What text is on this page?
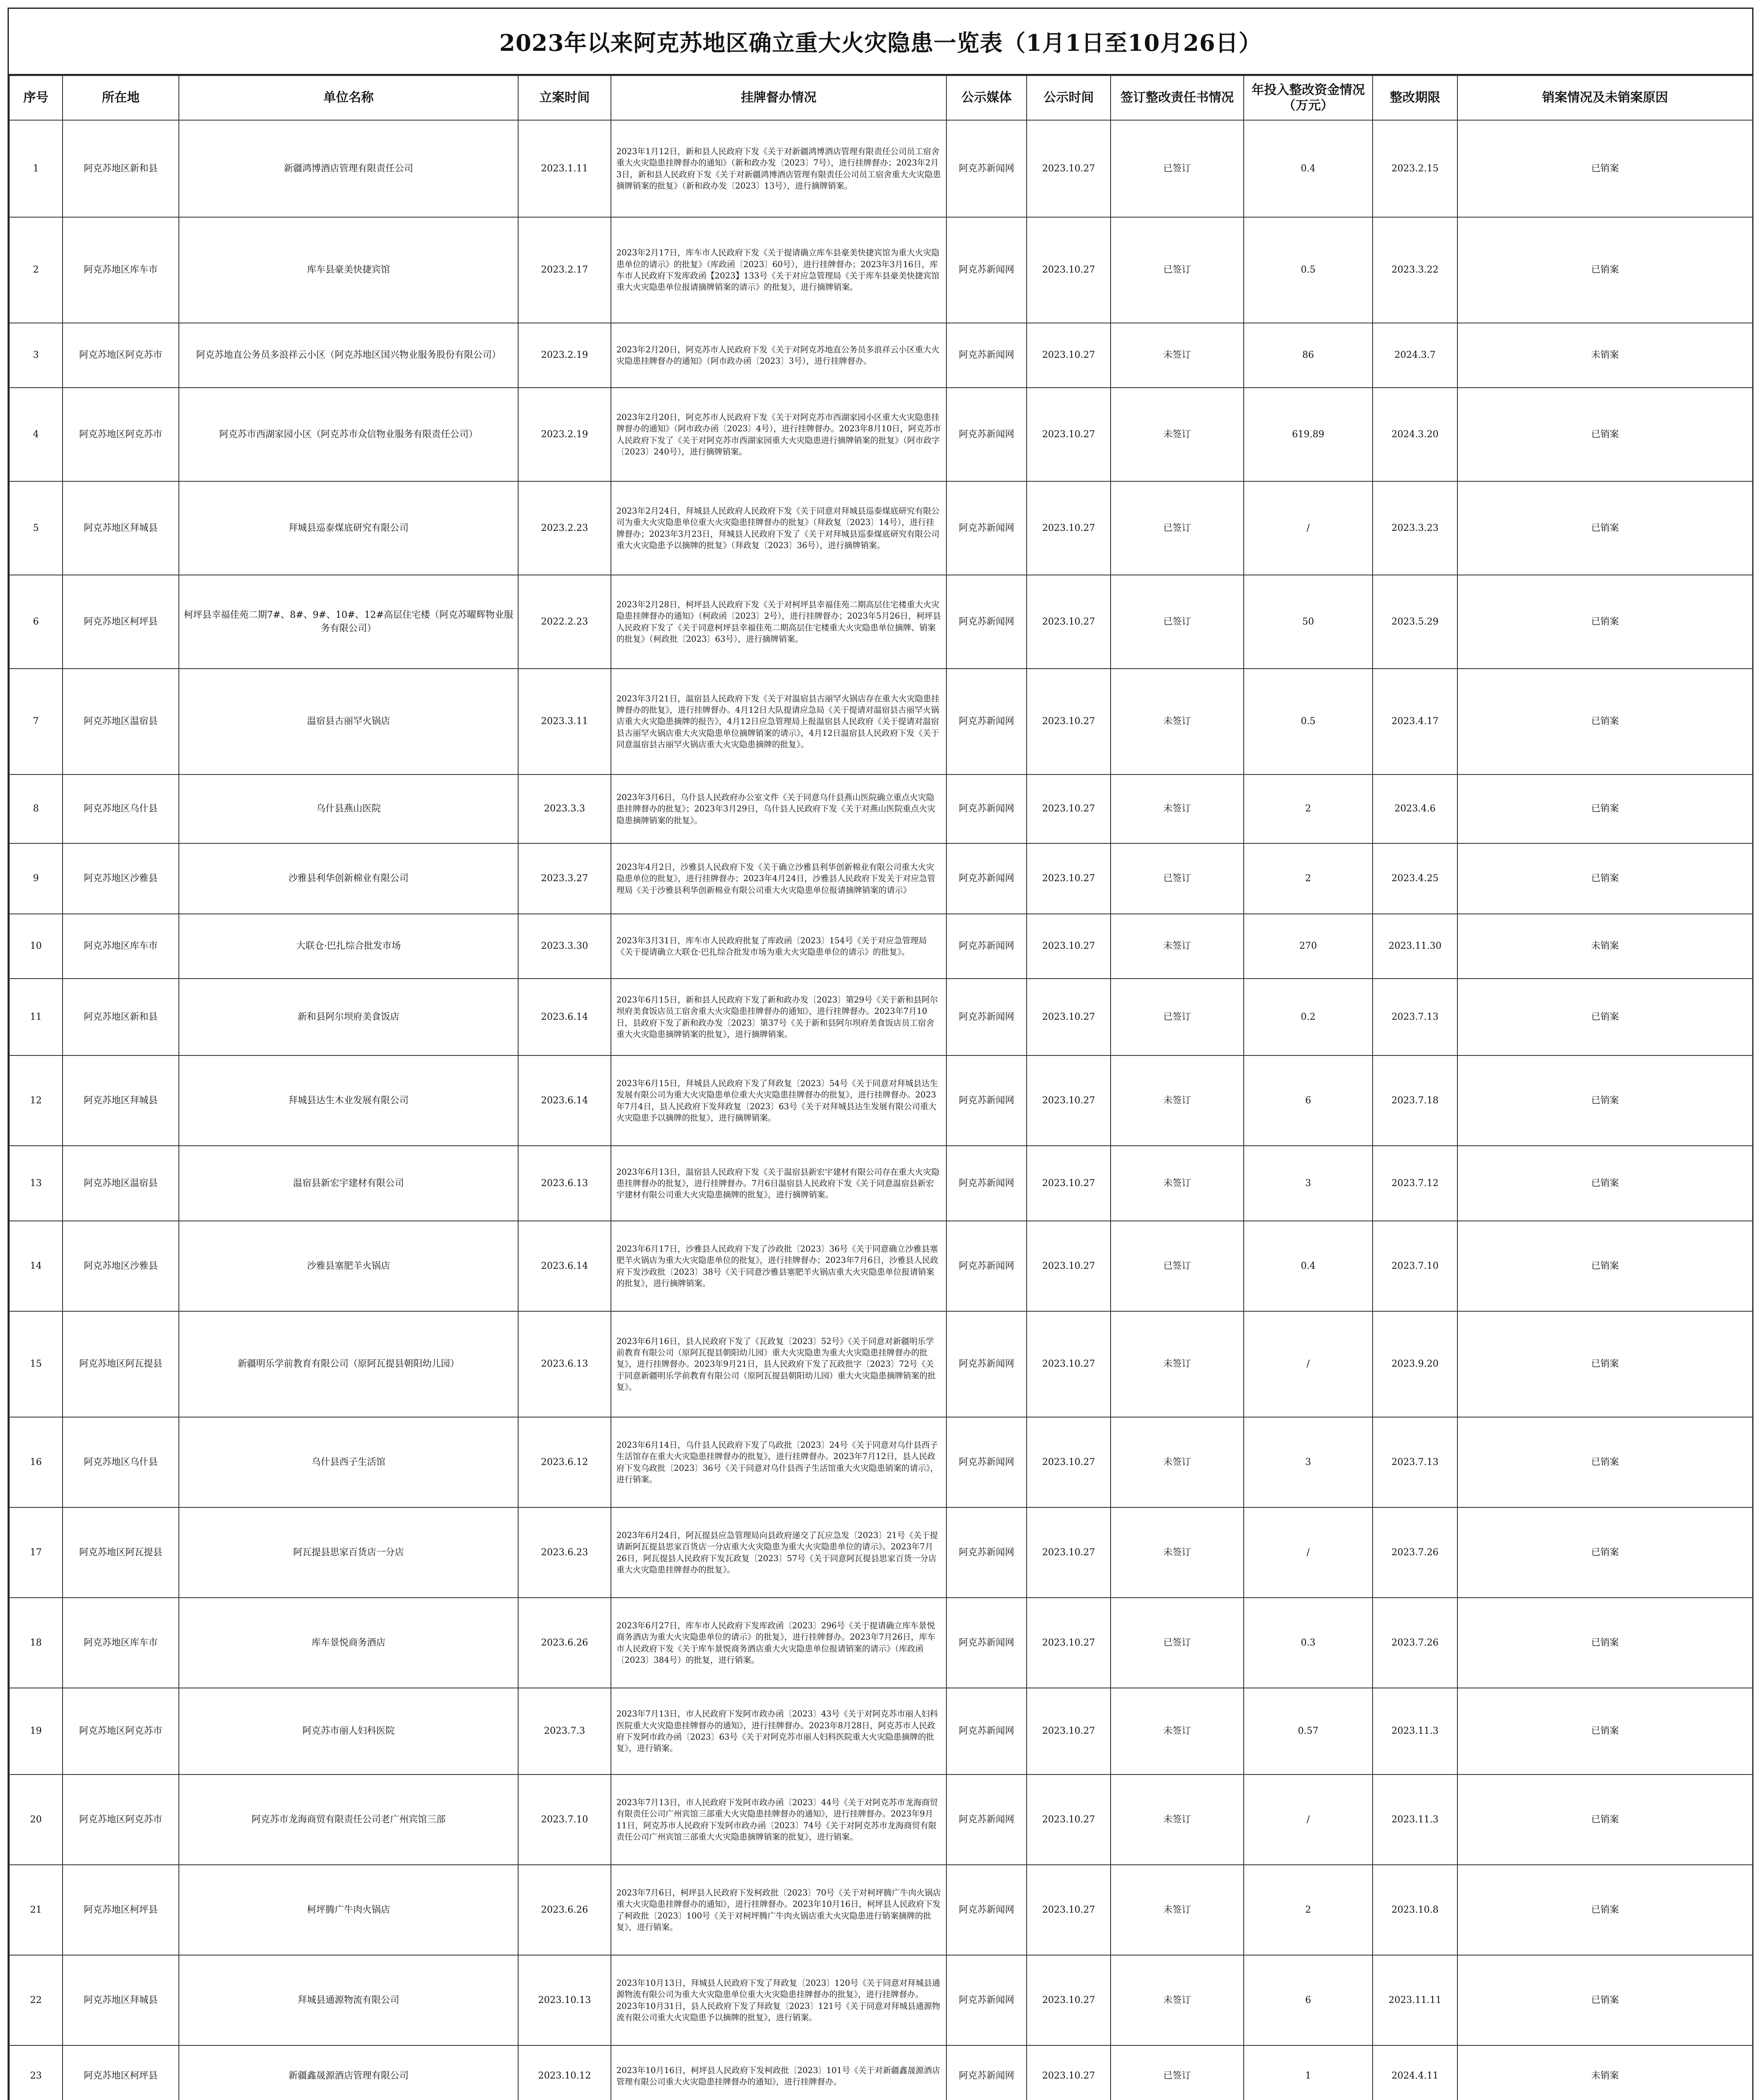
2023年以来阿克苏地区确立重大火灾隐患一览表（1月1日至10月26日）
序号	所在地	单位名称	立案时间	挂牌督办情况	公示媒体	公示时间	签订整改责任书情况	年投入整改资金情况（万元）	整改期限	销案情况及未销案原因
1	阿克苏地区新和县	新疆鸿博酒店管理有限责任公司	2023.1.11	2023年1月12日，新和县人民政府下发《关于对新疆鸿博酒店管理有限责任公司员工宿舍重大火灾隐患挂牌督办的通知》（新和政办发〔2023〕7号），进行挂牌督办；2023年2月3日，新和县人民政府下发《关于对新疆鸿博酒店管理有限责任公司员工宿舍重大火灾隐患摘牌销案的批复》（新和政办发〔2023〕13号），进行摘牌销案。	阿克苏新闻网	2023.10.27	已签订	0.4	2023.2.15	已销案
2	阿克苏地区库车市	库车县豪美快捷宾馆	2023.2.17	2023年2月17日，库车市人民政府下发《关于提请确立库车县豪美快捷宾馆为重大火灾隐患单位的请示》的批复》（库政函〔2023〕60号），进行挂牌督办；2023年3月16日，库车市人民政府下发库政函【2023】133号《关于对应急管理局《关于库车县豪美快捷宾馆重大火灾隐患单位报请摘牌销案的请示》的批复》，进行摘牌销案。	阿克苏新闻网	2023.10.27	已签订	0.5	2023.3.22	已销案
3	阿克苏地区阿克苏市	阿克苏地直公务员多浪祥云小区（阿克苏地区国兴物业服务股份有限公司）	2023.2.19	2023年2月20日，阿克苏市人民政府下发《关于对阿克苏地直公务员多浪祥云小区重大火灾隐患挂牌督办的通知》（阿市政办函〔2023〕3号），进行挂牌督办。	阿克苏新闻网	2023.10.27	未签订	86	2024.3.7	未销案
4	阿克苏地区阿克苏市	阿克苏市西湖家园小区（阿克苏市众信物业服务有限责任公司）	2023.2.19	2023年2月20日，阿克苏市人民政府下发《关于对阿克苏市西湖家园小区重大火灾隐患挂牌督办的通知》（阿市政办函〔2023〕4号），进行挂牌督办。2023年8月10日，阿克苏市人民政府下发了《关于对阿克苏市西湖家园重大火灾隐患进行摘牌销案的批复》（阿市政字〔2023〕240号），进行摘牌销案。	阿克苏新闻网	2023.10.27	未签订	619.89	2024.3.20	已销案
5	阿克苏地区拜城县	拜城县巡泰煤底研究有限公司	2023.2.23	2023年2月24日，拜城县人民政府人民政府下发《关于同意对拜城县巡泰煤底研究有限公司为重大火灾隐患单位重大火灾隐患挂牌督办的批复》（拜政复〔2023〕14号），进行挂牌督办；2023年3月23日，拜城县人民政府下发了《关于对拜城县巡泰煤底研究有限公司重大火灾隐患予以摘牌的批复》（拜政复〔2023〕36号），进行摘牌销案。	阿克苏新闻网	2023.10.27	已签订	/	2023.3.23	已销案
6	阿克苏地区柯坪县	柯坪县幸福佳苑二期7#、8#、9#、10#、12#高层住宅楼（阿克苏曜辉物业服务有限公司）	2022.2.23	2023年2月28日，柯坪县人民政府下发《关于对柯坪县幸福佳苑二期高层住宅楼重大火灾隐患挂牌督办的通知》（柯政函〔2023〕2号），进行挂牌督办；2023年5月26日，柯坪县人民政府下发了《关于同意柯坪县幸福佳苑二期高层住宅楼重大火灾隐患单位摘牌、销案的批复》（柯政批〔2023〕63号），进行摘牌销案。	阿克苏新闻网	2023.10.27	已签订	50	2023.5.29	已销案
7	阿克苏地区温宿县	温宿县古丽罕火锅店	2023.3.11	2023年3月21日，温宿县人民政府下发《关于对温宿县古丽罕火锅店存在重大火灾隐患挂牌督办的批复》，进行挂牌督办。4月12日大队提请应急局《关于提请对温宿县古丽罕火锅店重大火灾隐患摘牌的报告》，4月12日应急管理局上报温宿县人民政府《关于提请对温宿县古丽罕火锅店重大火灾隐患单位摘牌销案的请示》，4月12日温宿县人民政府下发《关于同意温宿县古丽罕火锅店重大火灾隐患摘牌的批复》。	阿克苏新闻网	2023.10.27	未签订	0.5	2023.4.17	已销案
8	阿克苏地区乌什县	乌什县燕山医院	2023.3.3	2023年3月6日，乌什县人民政府办公室文件《关于同意乌什县燕山医院确立重点火灾隐患挂牌督办的批复》；2023年3月29日，乌什县人民政府下发《关于对燕山医院重点火灾隐患摘牌销案的批复》。	阿克苏新闻网	2023.10.27	未签订	2	2023.4.6	已销案
9	阿克苏地区沙雅县	沙雅县利华创新棉业有限公司	2023.3.27	2023年4月2日，沙雅县人民政府下发《关于确立沙雅县利华创新棉业有限公司重大火灾隐患单位的批复》，进行挂牌督办；2023年4月24日，沙雅县人民政府下发关于对应急管理局《关于沙雅县利华创新棉业有限公司重大火灾隐患单位报请摘牌销案的请示》	阿克苏新闻网	2023.10.27	已签订	2	2023.4.25	已销案
10	阿克苏地区库车市	大联仓·巴扎综合批发市场	2023.3.30	2023年3月31日，库车市人民政府批复了库政函〔2023〕154号《关于对应急管理局《关于提请确立大联仓·巴扎综合批发市场为重大火灾隐患单位的请示》的批复》。	阿克苏新闻网	2023.10.27	未签订	270	2023.11.30	未销案
11	阿克苏地区新和县	新和县阿尔坝府美食饭店	2023.6.14	2023年6月15日，新和县人民政府下发了新和政办发〔2023〕第29号《关于新和县阿尔坝府美食饭店员工宿舍重大火灾隐患挂牌督办的通知》，进行挂牌督办。2023年7月10日，县政府下发了新和政办发〔2023〕第37号《关于新和县阿尔坝府美食饭店员工宿舍重大火灾隐患摘牌销案的批复》，进行摘牌销案。	阿克苏新闻网	2023.10.27	已签订	0.2	2023.7.13	已销案
12	阿克苏地区拜城县	拜城县达生木业发展有限公司	2023.6.14	2023年6月15日，拜城县人民政府下发了拜政复〔2023〕54号《关于同意对拜城县达生发展有限公司为重大火灾隐患单位重大火灾隐患挂牌督办的批复》，进行挂牌督办。2023年7月4日，县人民政府下发拜政复〔2023〕63号《关于对拜城县达生发展有限公司重大火灾隐患予以摘牌的批复》，进行摘牌销案。	阿克苏新闻网	2023.10.27	未签订	6	2023.7.18	已销案
13	阿克苏地区温宿县	温宿县新宏宇建材有限公司	2023.6.13	2023年6月13日，温宿县人民政府下发《关于温宿县新宏宇建材有限公司存在重大火灾隐患挂牌督办的批复》，进行挂牌督办。7月6日温宿县人民政府下发《关于同意温宿县新宏宇建材有限公司重大火灾隐患摘牌的批复》，进行摘牌销案。	阿克苏新闻网	2023.10.27	未签订	3	2023.7.12	已销案
14	阿克苏地区沙雅县	沙雅县塞肥羊火锅店	2023.6.14	2023年6月17日，沙雅县人民政府下发了沙政批〔2023〕36号《关于同意确立沙雅县塞肥羊火锅店为重大火灾隐患单位的批复》，进行挂牌督办；2023年7月6日，沙雅县人民政府下发沙政批〔2023〕38号《关于同意沙雅县塞肥羊火锅店重大火灾隐患单位报请销案的批复》，进行摘牌销案。	阿克苏新闻网	2023.10.27	已签订	0.4	2023.7.10	已销案
15	阿克苏地区阿瓦提县	新疆明乐学前教育有限公司（原阿瓦提县朝阳幼儿园）	2023.6.13	2023年6月16日，县人民政府下发了《瓦政复〔2023〕52号》《关于同意对新疆明乐学前教育有限公司（原阿瓦提县朝阳幼儿园）重大火灾隐患为重大火灾隐患挂牌督办的批复》，进行挂牌督办。2023年9月21日，县人民政府下发了瓦政批字〔2023〕72号《关于同意新疆明乐学前教育有限公司（原阿瓦提县朝阳幼儿园）重大火灾隐患摘牌销案的批复》。	阿克苏新闻网	2023.10.27	未签订	/	2023.9.20	已销案
16	阿克苏地区乌什县	乌什县西子生活馆	2023.6.12	2023年6月14日，乌什县人民政府下发了乌政批〔2023〕24号《关于同意对乌什县西子生活馆存在重大火灾隐患挂牌督办的批复》，进行挂牌督办。2023年7月12日，县人民政府下发乌政批〔2023〕36号《关于同意对乌什县西子生活馆重大火灾隐患销案的请示》，进行销案。	阿克苏新闻网	2023.10.27	未签订	3	2023.7.13	已销案
17	阿克苏地区阿瓦提县	阿瓦提县思家百货店一分店	2023.6.23	2023年6月24日，阿瓦提县应急管理局向县政府递交了瓦应急发〔2023〕21号《关于提请新阿瓦提县思家百货店一分店重大火灾隐患为重大火灾隐患单位的请示》。2023年7月26日，阿瓦提县人民政府下发瓦政复〔2023〕57号《关于同意阿瓦提县思家百货一分店重大火灾隐患挂牌督办的批复》。	阿克苏新闻网	2023.10.27	未签订	/	2023.7.26	已销案
18	阿克苏地区库车市	库车景悦商务酒店	2023.6.26	2023年6月27日，库车市人民政府下发库政函〔2023〕296号《关于提请确立库车景悦商务酒店为重大火灾隐患单位的请示》的批复》，进行挂牌督办。2023年7月26日，库车市人民政府下发《关于库车景悦商务酒店重大火灾隐患单位报请销案的请示》（库政函〔2023〕384号）的批复，进行销案。	阿克苏新闻网	2023.10.27	已签订	0.3	2023.7.26	已销案
19	阿克苏地区阿克苏市	阿克苏市丽人妇科医院	2023.7.3	2023年7月13日，市人民政府下发阿市政办函〔2023〕43号《关于对阿克苏市丽人妇科医院重大火灾隐患挂牌督办的通知》，进行挂牌督办。2023年8月28日，阿克苏市人民政府下发阿市政办函〔2023〕63号《关于对阿克苏市丽人妇科医院重大火灾隐患摘牌的批复》，进行销案。	阿克苏新闻网	2023.10.27	未签订	0.57	2023.11.3	已销案
20	阿克苏地区阿克苏市	阿克苏市龙海商贸有限责任公司老广州宾馆三部	2023.7.10	2023年7月13日，市人民政府下发阿市政办函〔2023〕44号《关于对阿克苏市龙海商贸有限责任公司广州宾馆三部重大火灾隐患挂牌督办的通知》，进行挂牌督办。2023年9月11日，阿克苏市人民政府下发阿市政办函〔2023〕74号《关于对阿克苏市龙海商贸有限责任公司广州宾馆三部重大火灾隐患摘牌销案的批复》，进行销案。	阿克苏新闻网	2023.10.27	未签订	/	2023.11.3	已销案
21	阿克苏地区柯坪县	柯坪腾广牛肉火锅店	2023.6.26	2023年7月6日，柯坪县人民政府下发柯政批〔2023〕70号《关于对柯坪腾广牛肉火锅店重大火灾隐患挂牌督办的通知》，进行挂牌督办。2023年10月16日，柯坪县人民政府下发了柯政批〔2023〕100号《关于对柯坪腾广牛肉火锅店重大火灾隐患进行销案摘牌的批复》，进行销案。	阿克苏新闻网	2023.10.27	未签订	2	2023.10.8	已销案
22	阿克苏地区拜城县	拜城县通源物流有限公司	2023.10.13	2023年10月13日，拜城县人民政府下发了拜政复〔2023〕120号《关于同意对拜城县通源物流有限公司为重大火灾隐患单位重大火灾隐患挂牌督办的批复》，进行挂牌督办。2023年10月31日，县人民政府下发了拜政复〔2023〕121号《关于同意对拜城县通源物流有限公司重大火灾隐患予以摘牌的批复》，进行销案。	阿克苏新闻网	2023.10.27	未签订	6	2023.11.11	已销案
23	阿克苏地区柯坪县	新疆鑫晟源酒店管理有限公司	2023.10.12	2023年10月16日，柯坪县人民政府下发柯政批〔2023〕101号《关于对新疆鑫晟源酒店管理有限公司重大火灾隐患挂牌督办的通知》，进行挂牌督办。	阿克苏新闻网	2023.10.27	已签订	1	2024.4.11	未销案
